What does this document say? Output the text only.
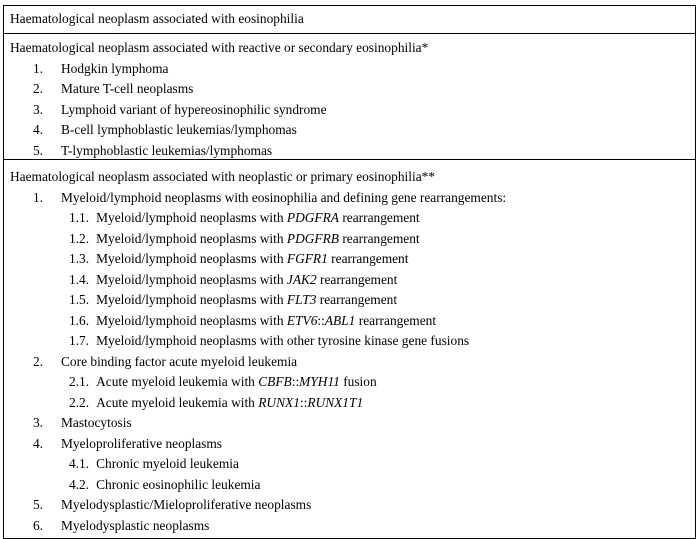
Haematological neoplasm associated with eosinophilia
Haematological neoplasm associated with reactive or secondary eosinophilia*
1. Hodgkin lymphoma
2. Mature T-cell neoplasms
3. Lymphoid variant of hypereosinophilic syndrome
4. B-cell lymphoblastic leukemias/lymphomas
5. T-lymphoblastic leukemias/lymphomas
Haematological neoplasm associated with neoplastic or primary eosinophilia**
1. Myeloid/lymphoid neoplasms with eosinophilia and defining gene rearrangements:
1.1. Myeloid/lymphoid neoplasms with PDGFRA rearrangement
1.2. Myeloid/lymphoid neoplasms with PDGFRB rearrangement
1.3. Myeloid/lymphoid neoplasms with FGFR1 rearrangement
1.4. Myeloid/lymphoid neoplasms with JAK2 rearrangement
1.5. Myeloid/lymphoid neoplasms with FLT3 rearrangement
1.6. Myeloid/lymphoid neoplasms with ETV6::ABL1 rearrangement
1.7. Myeloid/lymphoid neoplasms with other tyrosine kinase gene fusions
2. Core binding factor acute myeloid leukemia
2.1. Acute myeloid leukemia with CBFB::MYH11 fusion
2.2. Acute myeloid leukemia with RUNX1::RUNX1T1
3. Mastocytosis
4. Myeloproliferative neoplasms
4.1. Chronic myeloid leukemia
4.2. Chronic eosinophilic leukemia
5. Myelodysplastic/Mieloproliferative neoplasms
6. Myelodysplastic neoplasms
